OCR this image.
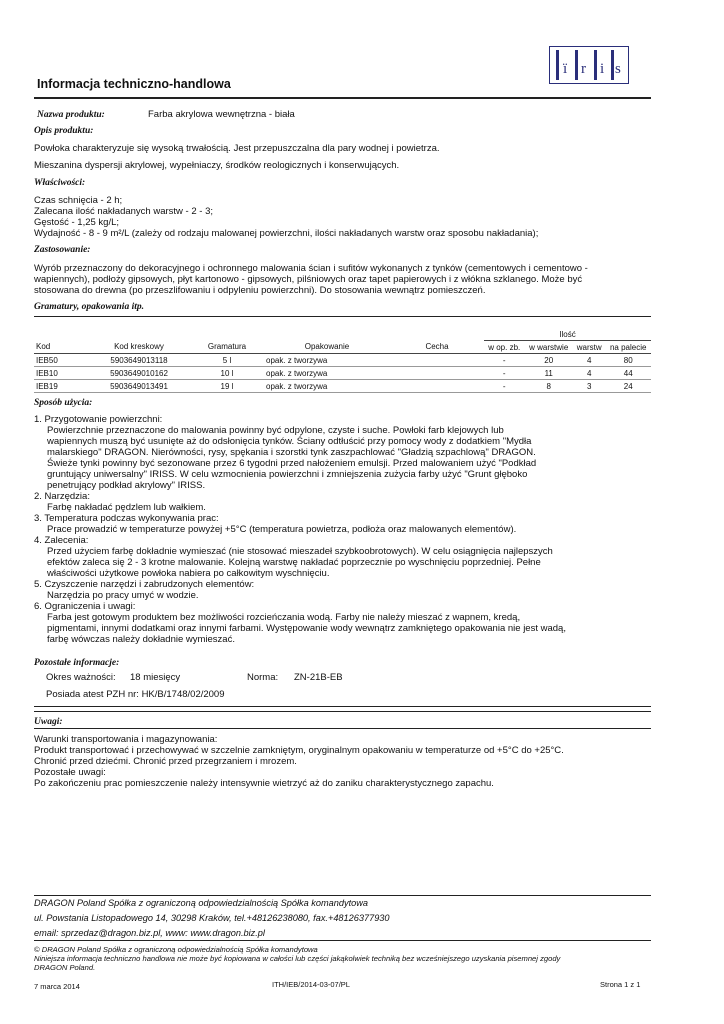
Informacja techniczno-handlowa
ï r i s
Nazwa produktu:	Farba akrylowa wewnętrzna - biała
Opis produktu:
Powłoka charakteryzuje się wysoką trwałością. Jest przepuszczalna dla pary wodnej i powietrza.
Mieszanina dyspersji akrylowej, wypełniaczy, środków reologicznych i konserwujących.
Właściwości:
Czas schnięcia - 2 h;
Zalecana ilość nakładanych warstw - 2 - 3;
Gęstość - 1,25 kg/L;
Wydajność - 8 - 9 m²/L (zależy od rodzaju malowanej powierzchni, ilości nakładanych warstw oraz sposobu nakładania);
Zastosowanie:
Wyrób przeznaczony do dekoracyjnego i ochronnego malowania ścian i sufitów wykonanych z tynków (cementowych i cementowo -
wapiennych), podłoży gipsowych, płyt kartonowo - gipsowych, pilśniowych oraz tapet papierowych i z włókna szklanego. Może być
stosowana do drewna (po przeszlifowaniu i odpyleniu powierzchni). Do stosowania wewnątrz pomieszczeń.
Gramatury, opakowania itp.
					Ilość			
Kod	Kod kreskowy	Gramatura	Opakowanie	Cecha	w op. zb.	w warstwie	warstw	na palecie
IEB50	5903649013118	5 l	opak. z tworzywa		-	20	4	80
IEB10	5903649010162	10 l	opak. z tworzywa		-	11	4	44
IEB19	5903649013491	19 l	opak. z tworzywa		-	8	3	24
Sposób użycia:
1. Przygotowanie powierzchni:
Powierzchnie przeznaczone do malowania powinny być odpylone, czyste i suche. Powłoki farb klejowych lub
wapiennych muszą być usunięte aż do odsłonięcia tynków. Ściany odtłuścić przy pomocy wody z dodatkiem "Mydła
malarskiego" DRAGON. Nierówności, rysy, spękania i szorstki tynk zaszpachlować "Gładzią szpachlową" DRAGON.
Świeże tynki powinny być sezonowane przez 6 tygodni przed nałożeniem emulsji. Przed malowaniem użyć "Podkład
gruntujący uniwersalny" IRISS. W celu wzmocnienia powierzchni i zmniejszenia zużycia farby użyć "Grunt głęboko
penetrujący podkład akrylowy" IRISS.
2. Narzędzia:
Farbę nakładać pędzlem lub wałkiem.
3. Temperatura podczas wykonywania prac:
Prace prowadzić w temperaturze powyżej +5°C (temperatura powietrza, podłoża oraz malowanych elementów).
4. Zalecenia:
Przed użyciem farbę dokładnie wymieszać (nie stosować mieszadeł szybkoobrotowych). W celu osiągnięcia najlepszych
efektów zaleca się 2 - 3 krotne malowanie. Kolejną warstwę nakładać poprzecznie po wyschnięciu poprzedniej. Pełne
właściwości użytkowe powłoka nabiera po całkowitym wyschnięciu.
5. Czyszczenie narzędzi i zabrudzonych elementów:
Narzędzia po pracy umyć w wodzie.
6. Ograniczenia i uwagi:
Farba jest gotowym produktem bez możliwości rozcieńczania wodą. Farby nie należy mieszać z wapnem, kredą,
pigmentami, innymi dodatkami oraz innymi farbami. Występowanie wody wewnątrz zamkniętego opakowania nie jest wadą,
farbę wówczas należy dokładnie wymieszać.
Pozostałe informacje:
Okres ważności: 18 miesięcy	Norma: ZN-21B-EB
Posiada atest PZH nr: HK/B/1748/02/2009
Uwagi:
Warunki transportowania i magazynowania:
Produkt transportować i przechowywać w szczelnie zamkniętym, oryginalnym opakowaniu w temperaturze od +5°C do +25°C.
Chronić przed dziećmi. Chronić przed przegrzaniem i mrozem.
Pozostałe uwagi:
Po zakończeniu prac pomieszczenie należy intensywnie wietrzyć aż do zaniku charakterystycznego zapachu.
DRAGON Poland Spółka z ograniczoną odpowiedzialnością Spółka komandytowa
ul. Powstania Listopadowego 14, 30298 Kraków, tel.+48126238080, fax.+48126377930
email: sprzedaz@dragon.biz.pl, www: www.dragon.biz.pl
© DRAGON Poland Spółka z ograniczoną odpowiedzialnością Spółka komandytowa
Niniejsza informacja techniczno handlowa nie może być kopiowana w całości lub części jakąkolwiek techniką bez wcześniejszego uzyskania pisemnej zgody
DRAGON Poland.
7 marca 2014	ITH/IEB/2014-03-07/PL	Strona 1 z 1
